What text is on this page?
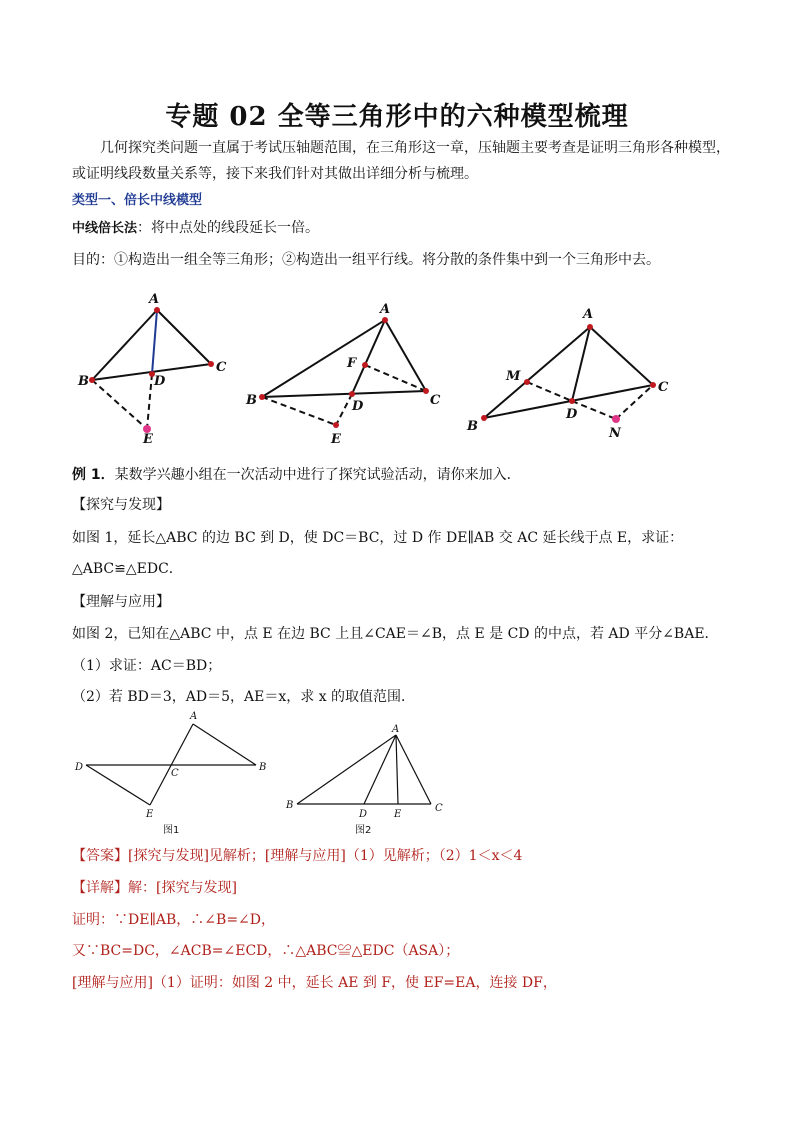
专题 02 全等三角形中的六种模型梳理
几何探究类问题一直属于考试压轴题范围，在三角形这一章，压轴题主要考查是证明三角形各种模型，
或证明线段数量关系等，接下来我们针对其做出详细分析与梳理。
类型一、倍长中线模型
中线倍长法：将中点处的线段延长一倍。
目的：①构造出一组全等三角形；②构造出一组平行线。将分散的条件集中到一个三角形中去。
A
B
C
D
E
A
B	C
D
E
F
A
B
C
D
M
N
A
D
C
B
E
图1
A
B
D	E
C
图2
例 1．某数学兴趣小组在一次活动中进行了探究试验活动，请你来加入．
【探究与发现】
如图 1，延长△ABC 的边 BC 到 D，使 DC＝BC，过 D 作 DE∥AB 交 AC 延长线于点 E，求证：
△ABC≌△EDC．
【理解与应用】
如图 2，已知在△ABC 中，点 E 在边 BC 上且∠CAE＝∠B，点 E 是 CD 的中点，若 AD 平分∠BAE．
（1）求证：AC＝BD；
（2）若 BD＝3，AD＝5，AE＝x，求 x 的取值范围．
【答案】[探究与发现]见解析；[理解与应用]（1）见解析；（2）1＜x＜4
【详解】解：[探究与发现]
证明：∵DE∥AB，∴∠B=∠D，
又∵BC=DC，∠ACB=∠ECD，∴△ABC≌△EDC（ASA）；
[理解与应用]（1）证明：如图 2 中，延长 AE 到 F，使 EF=EA，连接 DF，
